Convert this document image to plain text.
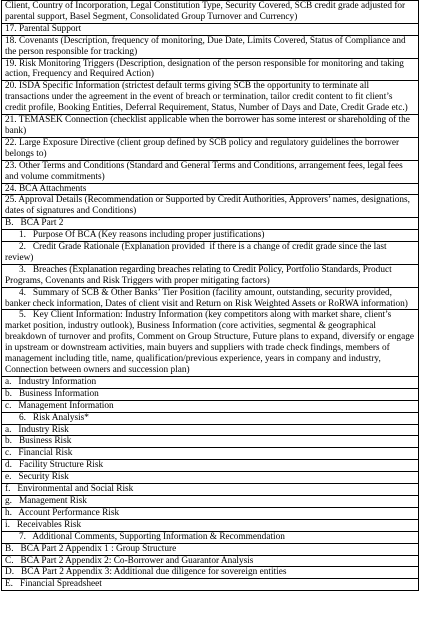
Client, Country of Incorporation, Legal Constitution Type, Security Covered, SCB credit grade adjusted for parental support, Basel Segment, Consolidated Group Turnover and Currency)
17. Parental Support
18. Covenants (Description, frequency of monitoring, Due Date, Limits Covered, Status of Compliance and the person responsible for tracking)
19. Risk Monitoring Triggers (Description, designation of the person responsible for monitoring and taking action, Frequency and Required Action)
20. ISDA Specific Information (strictest default terms giving SCB the opportunity to terminate all transactions under the agreement in the event of breach or termination, tailor credit content to fit client’s credit profile, Booking Entities, Deferral Requirement, Status, Number of Days and Date, Credit Grade etc.)
21. TEMASEK Connection (checklist applicable when the borrower has some interest or shareholding of the bank)
22. Large Exposure Directive (client group defined by SCB policy and regulatory guidelines the borrower belongs to)
23. Other Terms and Conditions (Standard and General Terms and Conditions, arrangement fees, legal fees and volume commitments)
24. BCA Attachments
25. Approval Details (Recommendation or Supported by Credit Authorities, Approvers’ names, designations, dates of signatures and Conditions)
B.   BCA Part 2
1.   Purpose Of BCA (Key reasons including proper justifications)
2.   Credit Grade Rationale (Explanation provided  if there is a change of credit grade since the last review)
3.   Breaches (Explanation regarding breaches relating to Credit Policy, Portfolio Standards, Product Programs, Covenants and Risk Triggers with proper mitigating factors)
4.   Summary of SCB & Other Banks’ Tier Position (facility amount, outstanding, security provided, banker check information, Dates of client visit and Return on Risk Weighted Assets or RoRWA information)
5.   Key Client Information: Industry Information (key competitors along with market share, client’s market position, industry outlook), Business Information (core activities, segmental & geographical breakdown of turnover and profits, Comment on Group Structure, Future plans to expand, diversify or engage in upstream or downstream activities, main buyers and suppliers with trade check findings, members of management including title, name, qualification/previous experience, years in company and industry, Connection between owners and succession plan)
a.   Industry Information
b.   Business Information
c.   Management Information
6.   Risk Analysis*
a.   Industry Risk
b.   Business Risk
c.   Financial Risk
d.   Facility Structure Risk
e.   Security Risk
f.   Environmental and Social Risk
g.   Management Risk
h.   Account Performance Risk
i.   Receivables Risk
7.   Additional Comments, Supporting Information & Recommendation
B.   BCA Part 2 Appendix 1 : Group Structure
C.   BCA Part 2 Appendix 2: Co-Borrower and Guarantor Analysis
D.   BCA Part 2 Appendix 3: Additional due diligence for sovereign entities
E.   Financial Spreadsheet
